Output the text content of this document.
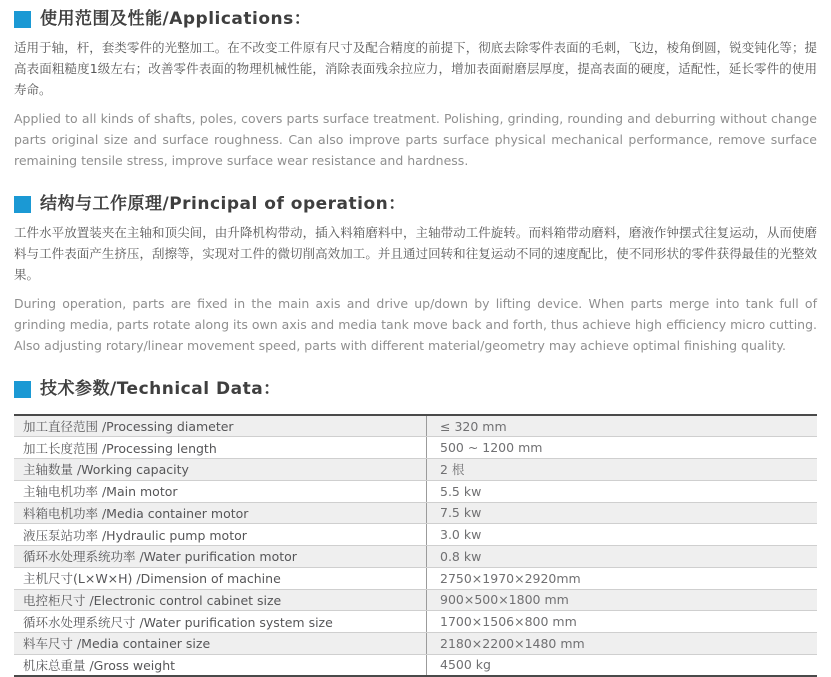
使用范围及性能/Applications：

适用于轴，杆，套类零件的光整加工。在不改变工件原有尺寸及配合精度的前提下，彻底去除零件表面的毛刺，飞边，棱角倒圆，锐变钝化等；提高表面粗糙度1级左右；改善零件表面的物理机械性能，消除表面残余拉应力，增加表面耐磨层厚度，提高表面的硬度，适配性，延长零件的使用寿命。

Applied to all kinds of shafts, poles, covers parts surface treatment. Polishing, grinding, rounding and deburring without change parts original size and surface roughness. Can also improve parts surface physical mechanical performance, remove surface remaining tensile stress, improve surface wear resistance and hardness.

结构与工作原理/Principal of operation：

工件水平放置装夹在主轴和顶尖间，由升降机构带动，插入料箱磨料中，主轴带动工件旋转。而料箱带动磨料，磨液作钟摆式往复运动，从而使磨料与工件表面产生挤压，刮擦等，实现对工件的微切削高效加工。并且通过回转和往复运动不同的速度配比，使不同形状的零件获得最佳的光整效果。

During operation, parts are fixed in the main axis and drive up/down by lifting device. When parts merge into tank full of grinding media, parts rotate along its own axis and media tank move back and forth, thus achieve high efficiency micro cutting. Also adjusting rotary/linear movement speed, parts with different material/geometry may achieve optimal finishing quality.

技术参数/Technical Data：
加工直径范围 /Processing diameter	≤ 320 mm
加工长度范围 /Processing length	500 ~ 1200 mm
主轴数量 /Working capacity	2 根
主轴电机功率 /Main motor	5.5 kw
料箱电机功率 /Media container motor	7.5 kw
液压泵站功率 /Hydraulic pump motor	3.0 kw
循环水处理系统功率 /Water purification motor	0.8 kw
主机尺寸(L×W×H) /Dimension of machine	2750×1970×2920mm
电控柜尺寸 /Electronic control cabinet size	900×500×1800 mm
循环水处理系统尺寸 /Water purification system size	1700×1506×800 mm
料车尺寸 /Media container size	2180×2200×1480 mm
机床总重量 /Gross weight	4500 kg
